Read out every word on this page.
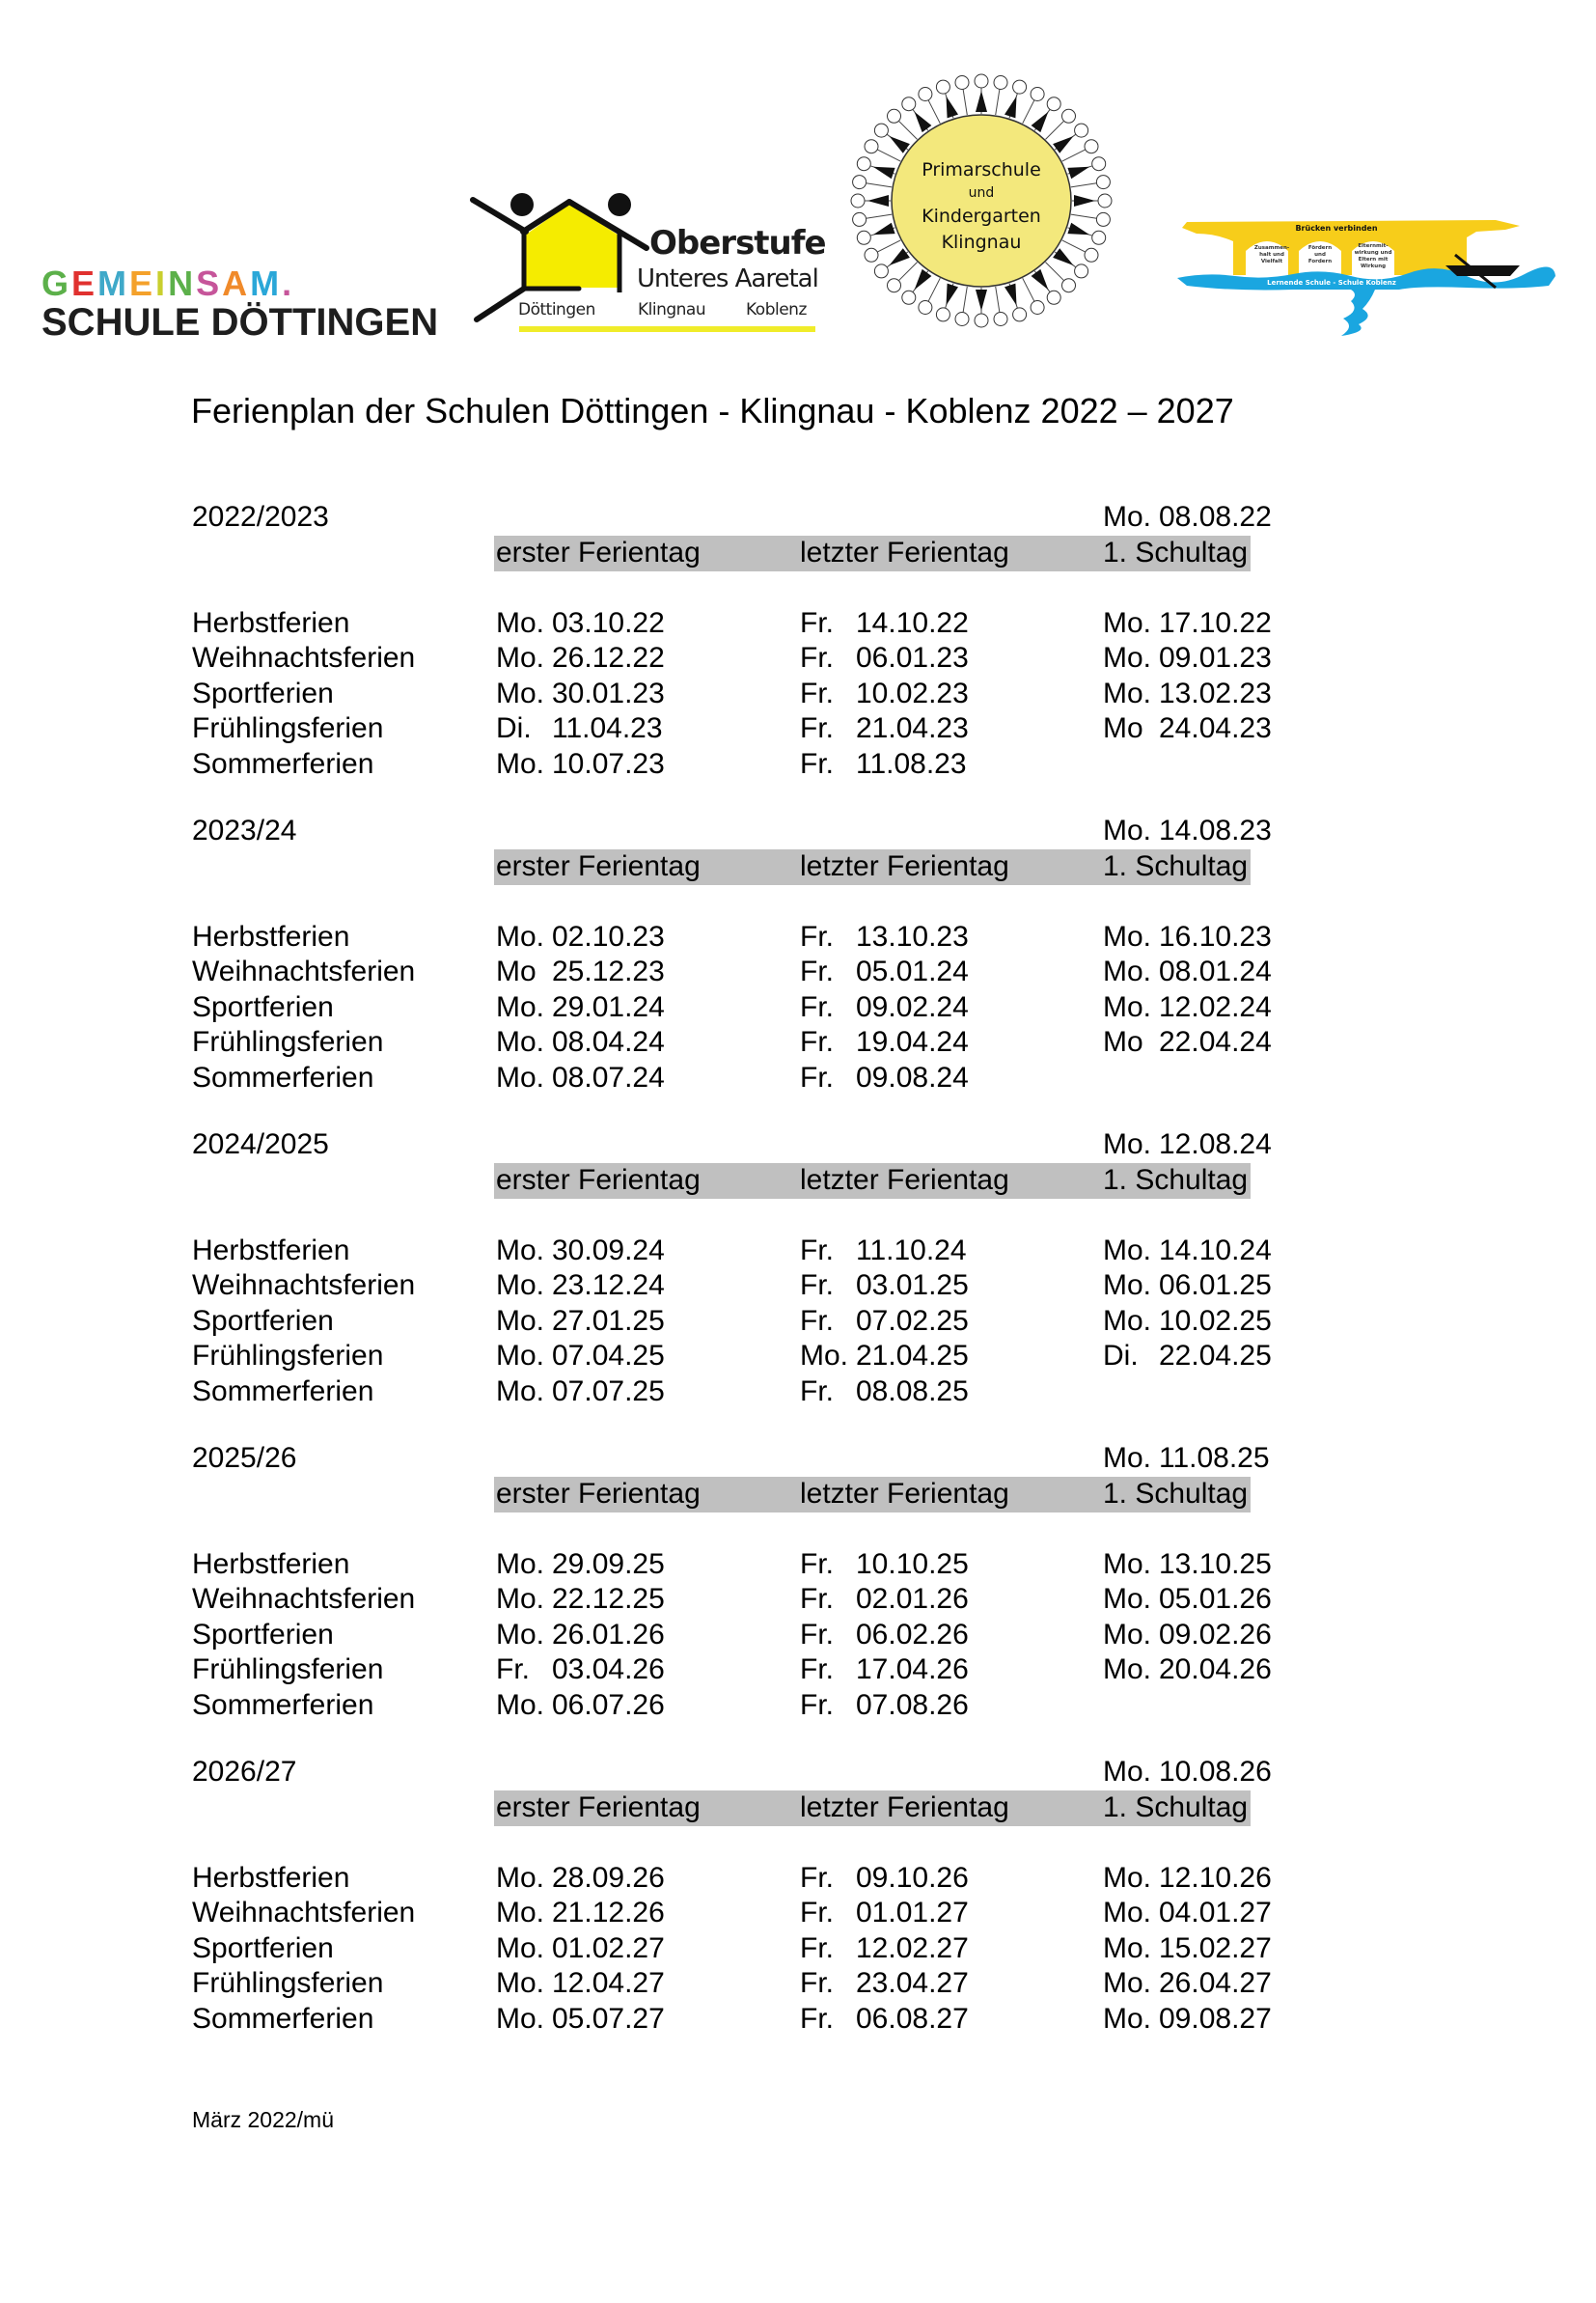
GEMEINSAM.
SCHULE DÖTTINGEN
Oberstufe
Unteres Aaretal
Döttingen	Klingnau Koblenz
Primarschule
und
Kindergarten
Klingnau
Brücken verbinden
Zusammen-
halt und
Vielfalt
Fördern
und
Fordern
Elternmit-
wirkung und
Eltern mit
Wirkung
Lernende Schule - Schule Koblenz
Ferienplan der Schulen Döttingen - Klingnau - Koblenz 2022 – 2027
2022/2023	Mo. 08.08.22
erster Ferientag	letzter Ferientag	1. Schultag
Herbstferien	Mo. 03.10.22	Fr. 14.10.22	Mo. 17.10.22
Weihnachtsferien	Mo. 26.12.22	Fr. 06.01.23	Mo. 09.01.23
Sportferien	Mo. 30.01.23	Fr. 10.02.23	Mo. 13.02.23
Frühlingsferien	Di. 11.04.23	Fr. 21.04.23	Mo 24.04.23
Sommerferien	Mo. 10.07.23	Fr. 11.08.23
2023/24	Mo. 14.08.23
erster Ferientag	letzter Ferientag	1. Schultag
Herbstferien	Mo. 02.10.23	Fr. 13.10.23	Mo. 16.10.23
Weihnachtsferien	Mo 25.12.23	Fr. 05.01.24	Mo. 08.01.24
Sportferien	Mo. 29.01.24	Fr. 09.02.24	Mo. 12.02.24
Frühlingsferien	Mo. 08.04.24	Fr. 19.04.24	Mo 22.04.24
Sommerferien	Mo. 08.07.24	Fr. 09.08.24
2024/2025	Mo. 12.08.24
erster Ferientag	letzter Ferientag	1. Schultag
Herbstferien	Mo. 30.09.24	Fr. 11.10.24	Mo. 14.10.24
Weihnachtsferien	Mo. 23.12.24	Fr. 03.01.25	Mo. 06.01.25
Sportferien	Mo. 27.01.25	Fr. 07.02.25	Mo. 10.02.25
Frühlingsferien	Mo. 07.04.25	Mo. 21.04.25	Di. 22.04.25
Sommerferien	Mo. 07.07.25	Fr. 08.08.25
2025/26	Mo. 11.08.25
erster Ferientag	letzter Ferientag	1. Schultag
Herbstferien	Mo. 29.09.25	Fr. 10.10.25	Mo. 13.10.25
Weihnachtsferien	Mo. 22.12.25	Fr. 02.01.26	Mo. 05.01.26
Sportferien	Mo. 26.01.26	Fr. 06.02.26	Mo. 09.02.26
Frühlingsferien	Fr. 03.04.26	Fr. 17.04.26	Mo. 20.04.26
Sommerferien	Mo. 06.07.26	Fr. 07.08.26
2026/27	Mo. 10.08.26
erster Ferientag	letzter Ferientag	1. Schultag
Herbstferien	Mo. 28.09.26	Fr. 09.10.26	Mo. 12.10.26
Weihnachtsferien	Mo. 21.12.26	Fr. 01.01.27	Mo. 04.01.27
Sportferien	Mo. 01.02.27	Fr. 12.02.27	Mo. 15.02.27
Frühlingsferien	Mo. 12.04.27	Fr. 23.04.27	Mo. 26.04.27
Sommerferien	Mo. 05.07.27	Fr. 06.08.27	Mo. 09.08.27
März 2022/mü
